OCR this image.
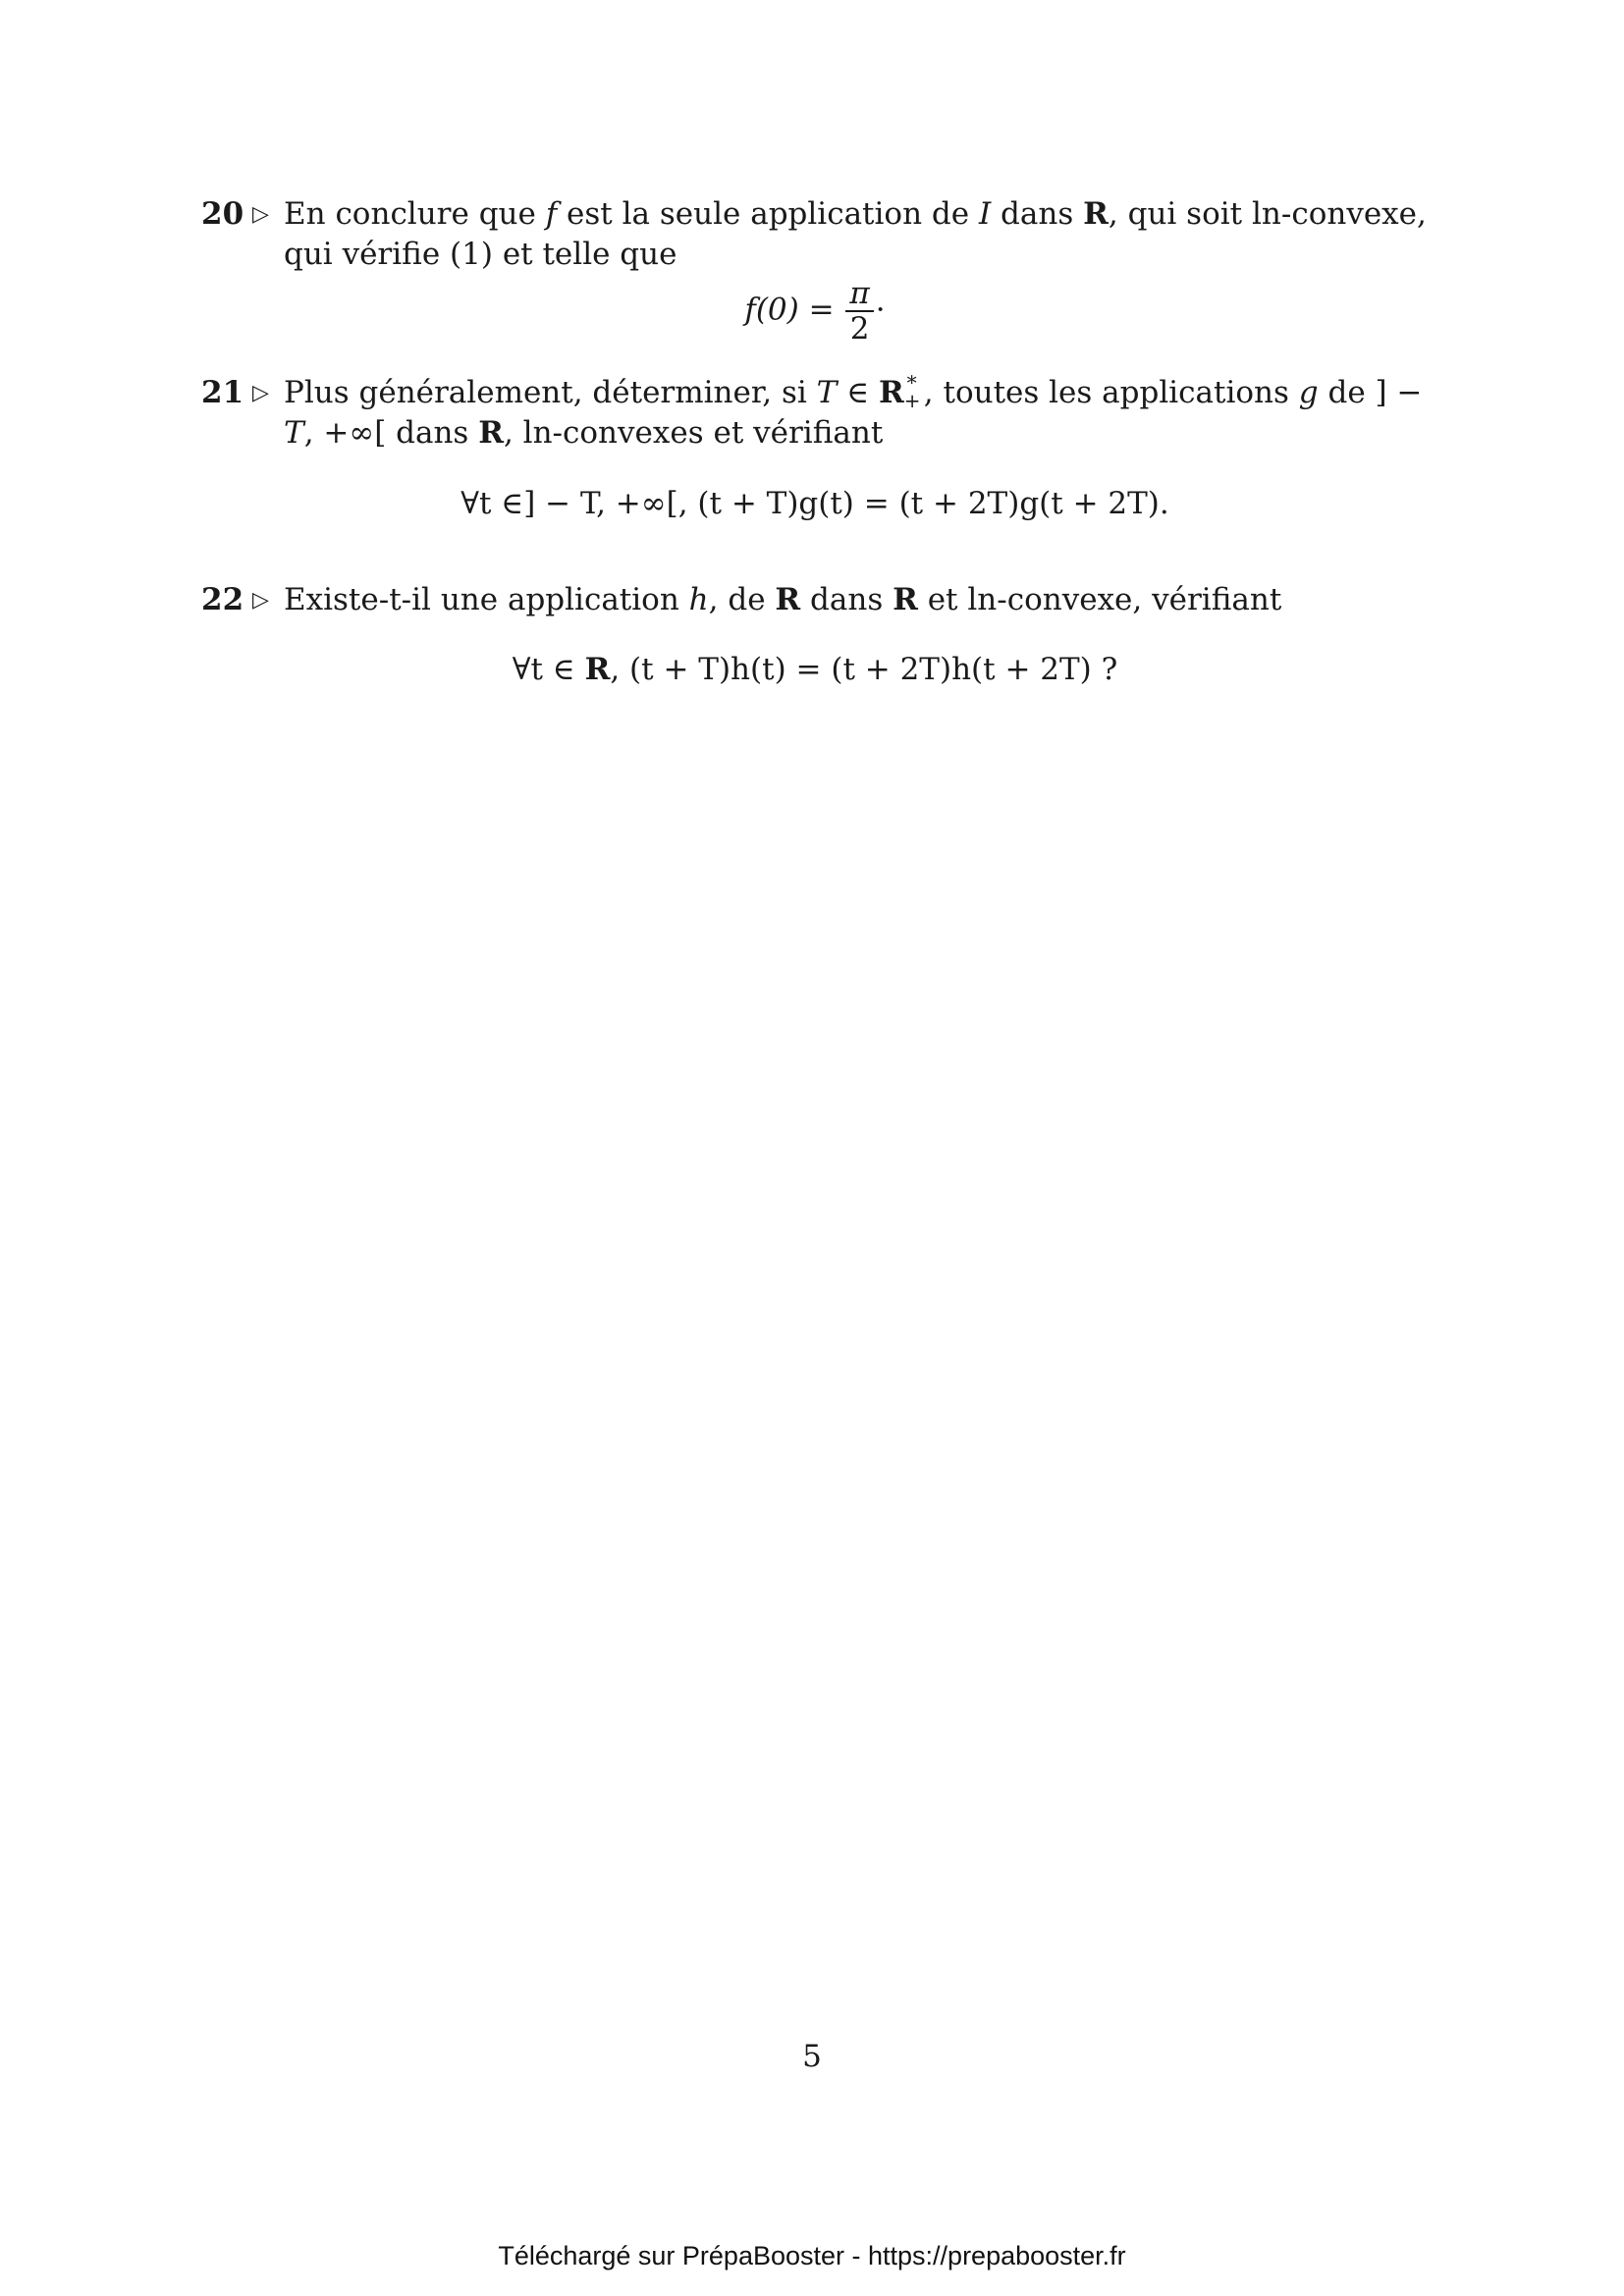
20 ▷ En conclure que f est la seule application de I dans R, qui soit ln-convexe, qui vérifie (1) et telle que
$f(0) = \frac{\pi}{2}$ ·
21 ▷ Plus généralement, déterminer, si T ∈ R ∗
+ , toutes les applications g de ] − T, +∞[ dans R, ln-convexes et vérifiant
∀t ∈] − T, +∞[, (t + T)g(t) = (t + 2T)g(t + 2T).
22 ▷ Existe-t-il une application h, de R dans R et ln-convexe, vérifiant
∀t ∈ R, (t + T)h(t) = (t + 2T)h(t + 2T) ?
5
Téléchargé sur PrépaBooster - https://prepabooster.fr
